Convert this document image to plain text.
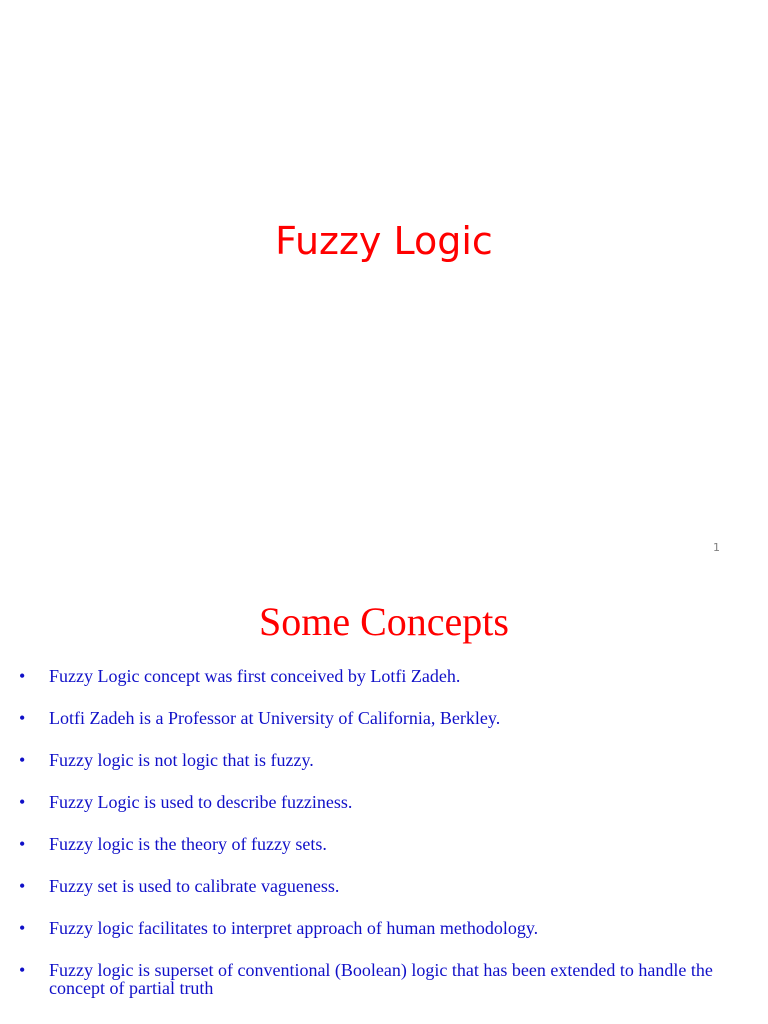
Fuzzy Logic
1
Some Concepts
• Fuzzy Logic concept was first conceived by Lotfi Zadeh.
• Lotfi Zadeh is a Professor at University of California, Berkley.
• Fuzzy logic is not logic that is fuzzy.
• Fuzzy Logic is used to describe fuzziness.
• Fuzzy logic is the theory of fuzzy sets.
• Fuzzy set is used to calibrate vagueness.
• Fuzzy logic facilitates to interpret approach of human methodology.
• Fuzzy logic is superset of conventional (Boolean) logic that has been extended to handle the concept of partial truth
